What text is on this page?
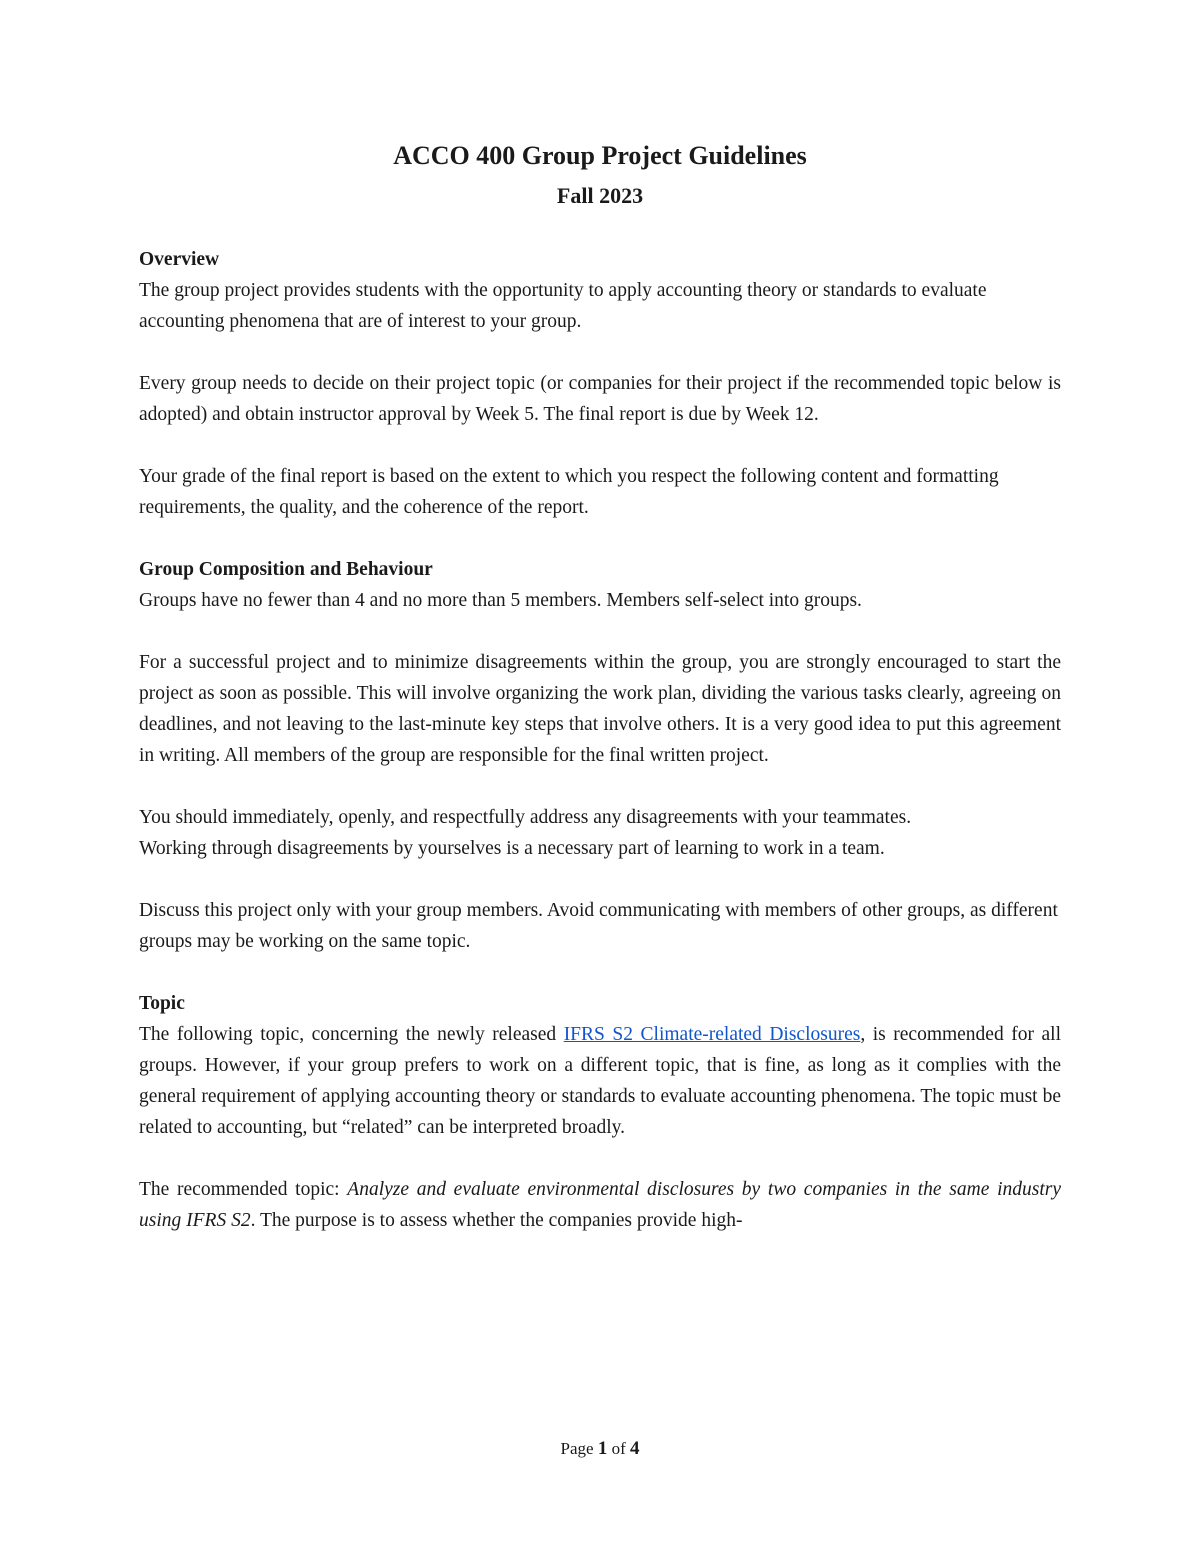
ACCO 400 Group Project Guidelines
Fall 2023
Overview

The group project provides students with the opportunity to apply accounting theory or standards to evaluate accounting phenomena that are of interest to your group.

Every group needs to decide on their project topic (or companies for their project if the recommended topic below is adopted) and obtain instructor approval by Week 5. The final report is due by Week 12.

Your grade of the final report is based on the extent to which you respect the following content and formatting requirements, the quality, and the coherence of the report.

Group Composition and Behaviour

Groups have no fewer than 4 and no more than 5 members. Members self-select into groups.

For a successful project and to minimize disagreements within the group, you are strongly encouraged to start the project as soon as possible. This will involve organizing the work plan, dividing the various tasks clearly, agreeing on deadlines, and not leaving to the last-minute key steps that involve others. It is a very good idea to put this agreement in writing. All members of the group are responsible for the final written project.

You should immediately, openly, and respectfully address any disagreements with your teammates.

Working through disagreements by yourselves is a necessary part of learning to work in a team.

Discuss this project only with your group members. Avoid communicating with members of other groups, as different groups may be working on the same topic.

Topic

The following topic, concerning the newly released IFRS S2 Climate-related Disclosures, is recommended for all groups. However, if your group prefers to work on a different topic, that is fine, as long as it complies with the general requirement of applying accounting theory or standards to evaluate accounting phenomena. The topic must be related to accounting, but “related” can be interpreted broadly.

The recommended topic: Analyze and evaluate environmental disclosures by two companies in the same industry using IFRS S2. The purpose is to assess whether the companies provide high-

Page 1 of 4
